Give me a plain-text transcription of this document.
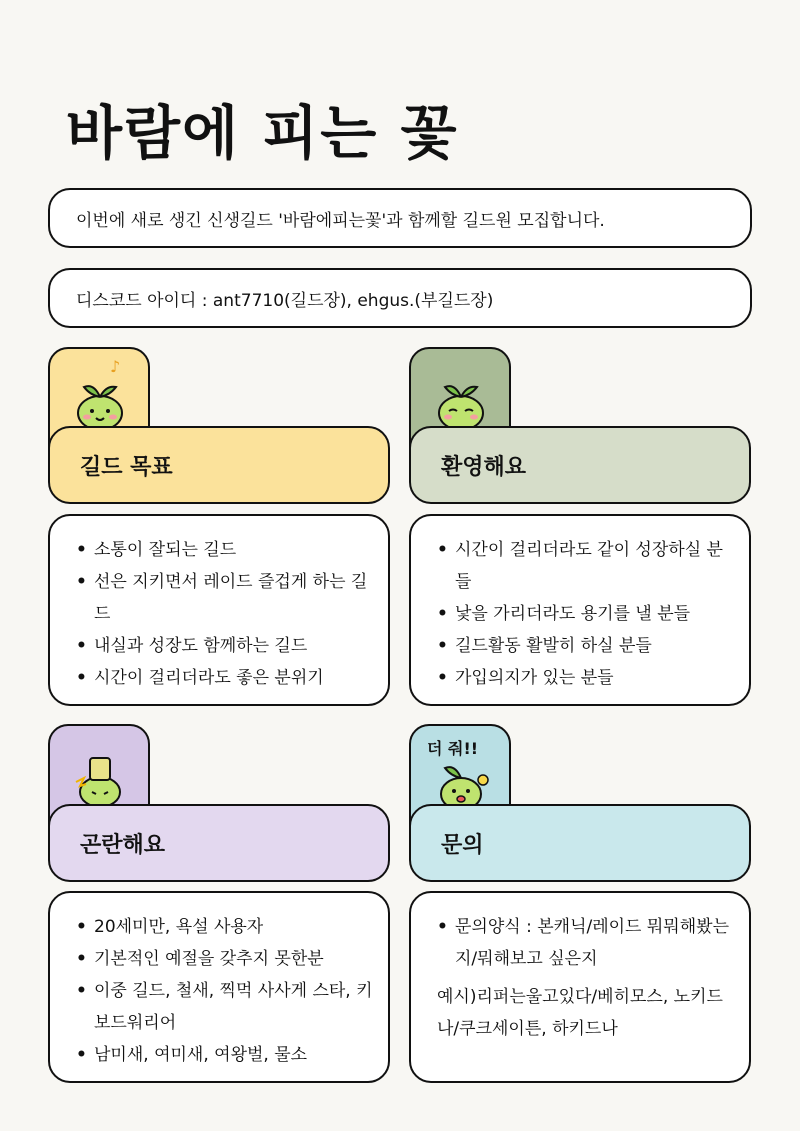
바람에 피는 꽃
이번에 새로 생긴 신생길드 '바람에피는꽃'과 함께할 길드원 모집합니다.
디스코드 아이디 : ant7710(길드장), ehgus.(부길드장)
♪
길드 목표
• 소통이 잘되는 길드
• 선은 지키면서 레이드 즐겁게 하는 길드
• 내실과 성장도 함께하는 길드
• 시간이 걸리더라도 좋은 분위기
환영해요
• 시간이 걸리더라도 같이 성장하실 분들
• 낯을 가리더라도 용기를 낼 분들
• 길드활동 활발히 하실 분들
• 가입의지가 있는 분들
곤란해요
• 20세미만, 욕설 사용자
• 기본적인 예절을 갖추지 못한분
• 이중 길드, 철새, 찍먹 사사게 스타, 키보드워리어
• 남미새, 여미새, 여왕벌, 물소
더 줘!!
문의
• 문의양식 : 본캐닉/레이드 뭐뭐해봤는지/뭐해보고 싶은지
예시)리퍼는울고있다/베히모스, 노키드나/쿠크세이튼, 하키드나
